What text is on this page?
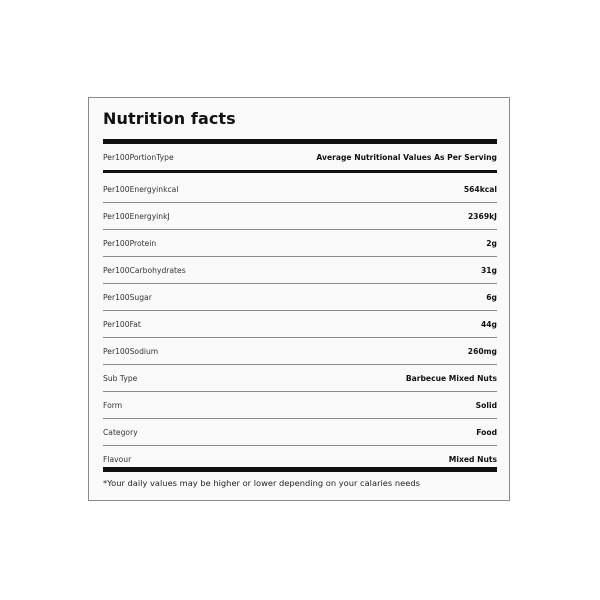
Nutrition facts
Per100PortionType	Average Nutritional Values As Per Serving
Per100Energyinkcal	564kcal
Per100EnergyinkJ	2369kJ
Per100Protein	2g
Per100Carbohydrates	31g
Per100Sugar	6g
Per100Fat	44g
Per100Sodium	260mg
Sub Type	Barbecue Mixed Nuts
Form	Solid
Category	Food
Flavour	Mixed Nuts
*Your daily values may be higher or lower depending on your calaries needs
